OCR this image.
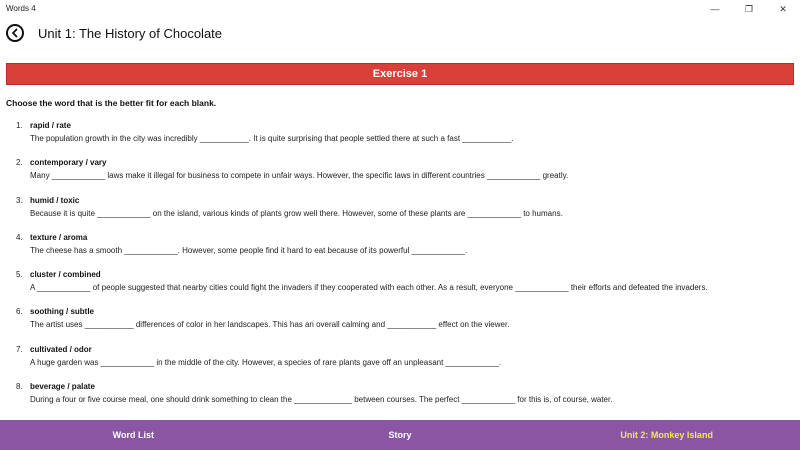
Words 4	—	❐	✕
Unit 1: The History of Chocolate
Exercise 1
Choose the word that is the better fit for each blank.
1. rapid / rate
The population growth in the city was incredibly ___________. It is quite surprising that people settled there at such a fast ___________.
2. contemporary / vary
Many ____________ laws make it illegal for business to compete in unfair ways. However, the specific laws in different countries ____________ greatly.
3. humid / toxic
Because it is quite ____________ on the island, various kinds of plants grow well there. However, some of these plants are ____________ to humans.
4. texture / aroma
The cheese has a smooth ____________. However, some people find it hard to eat because of its powerful ____________.
5. cluster / combined
A ____________ of people suggested that nearby cities could fight the invaders if they cooperated with each other. As a result, everyone ____________ their efforts and defeated the invaders.
6. soothing / subtle
The artist uses ___________ differences of color in her landscapes. This has an overall calming and ___________ effect on the viewer.
7. cultivated / odor
A huge garden was ____________ in the middle of the city. However, a species of rare plants gave off an unpleasant ____________.
8. beverage / palate
During a four or five course meal, one should drink something to clean the _____________ between courses. The perfect ____________ for this is, of course, water.
Word List	Story	Unit 2: Monkey Island
